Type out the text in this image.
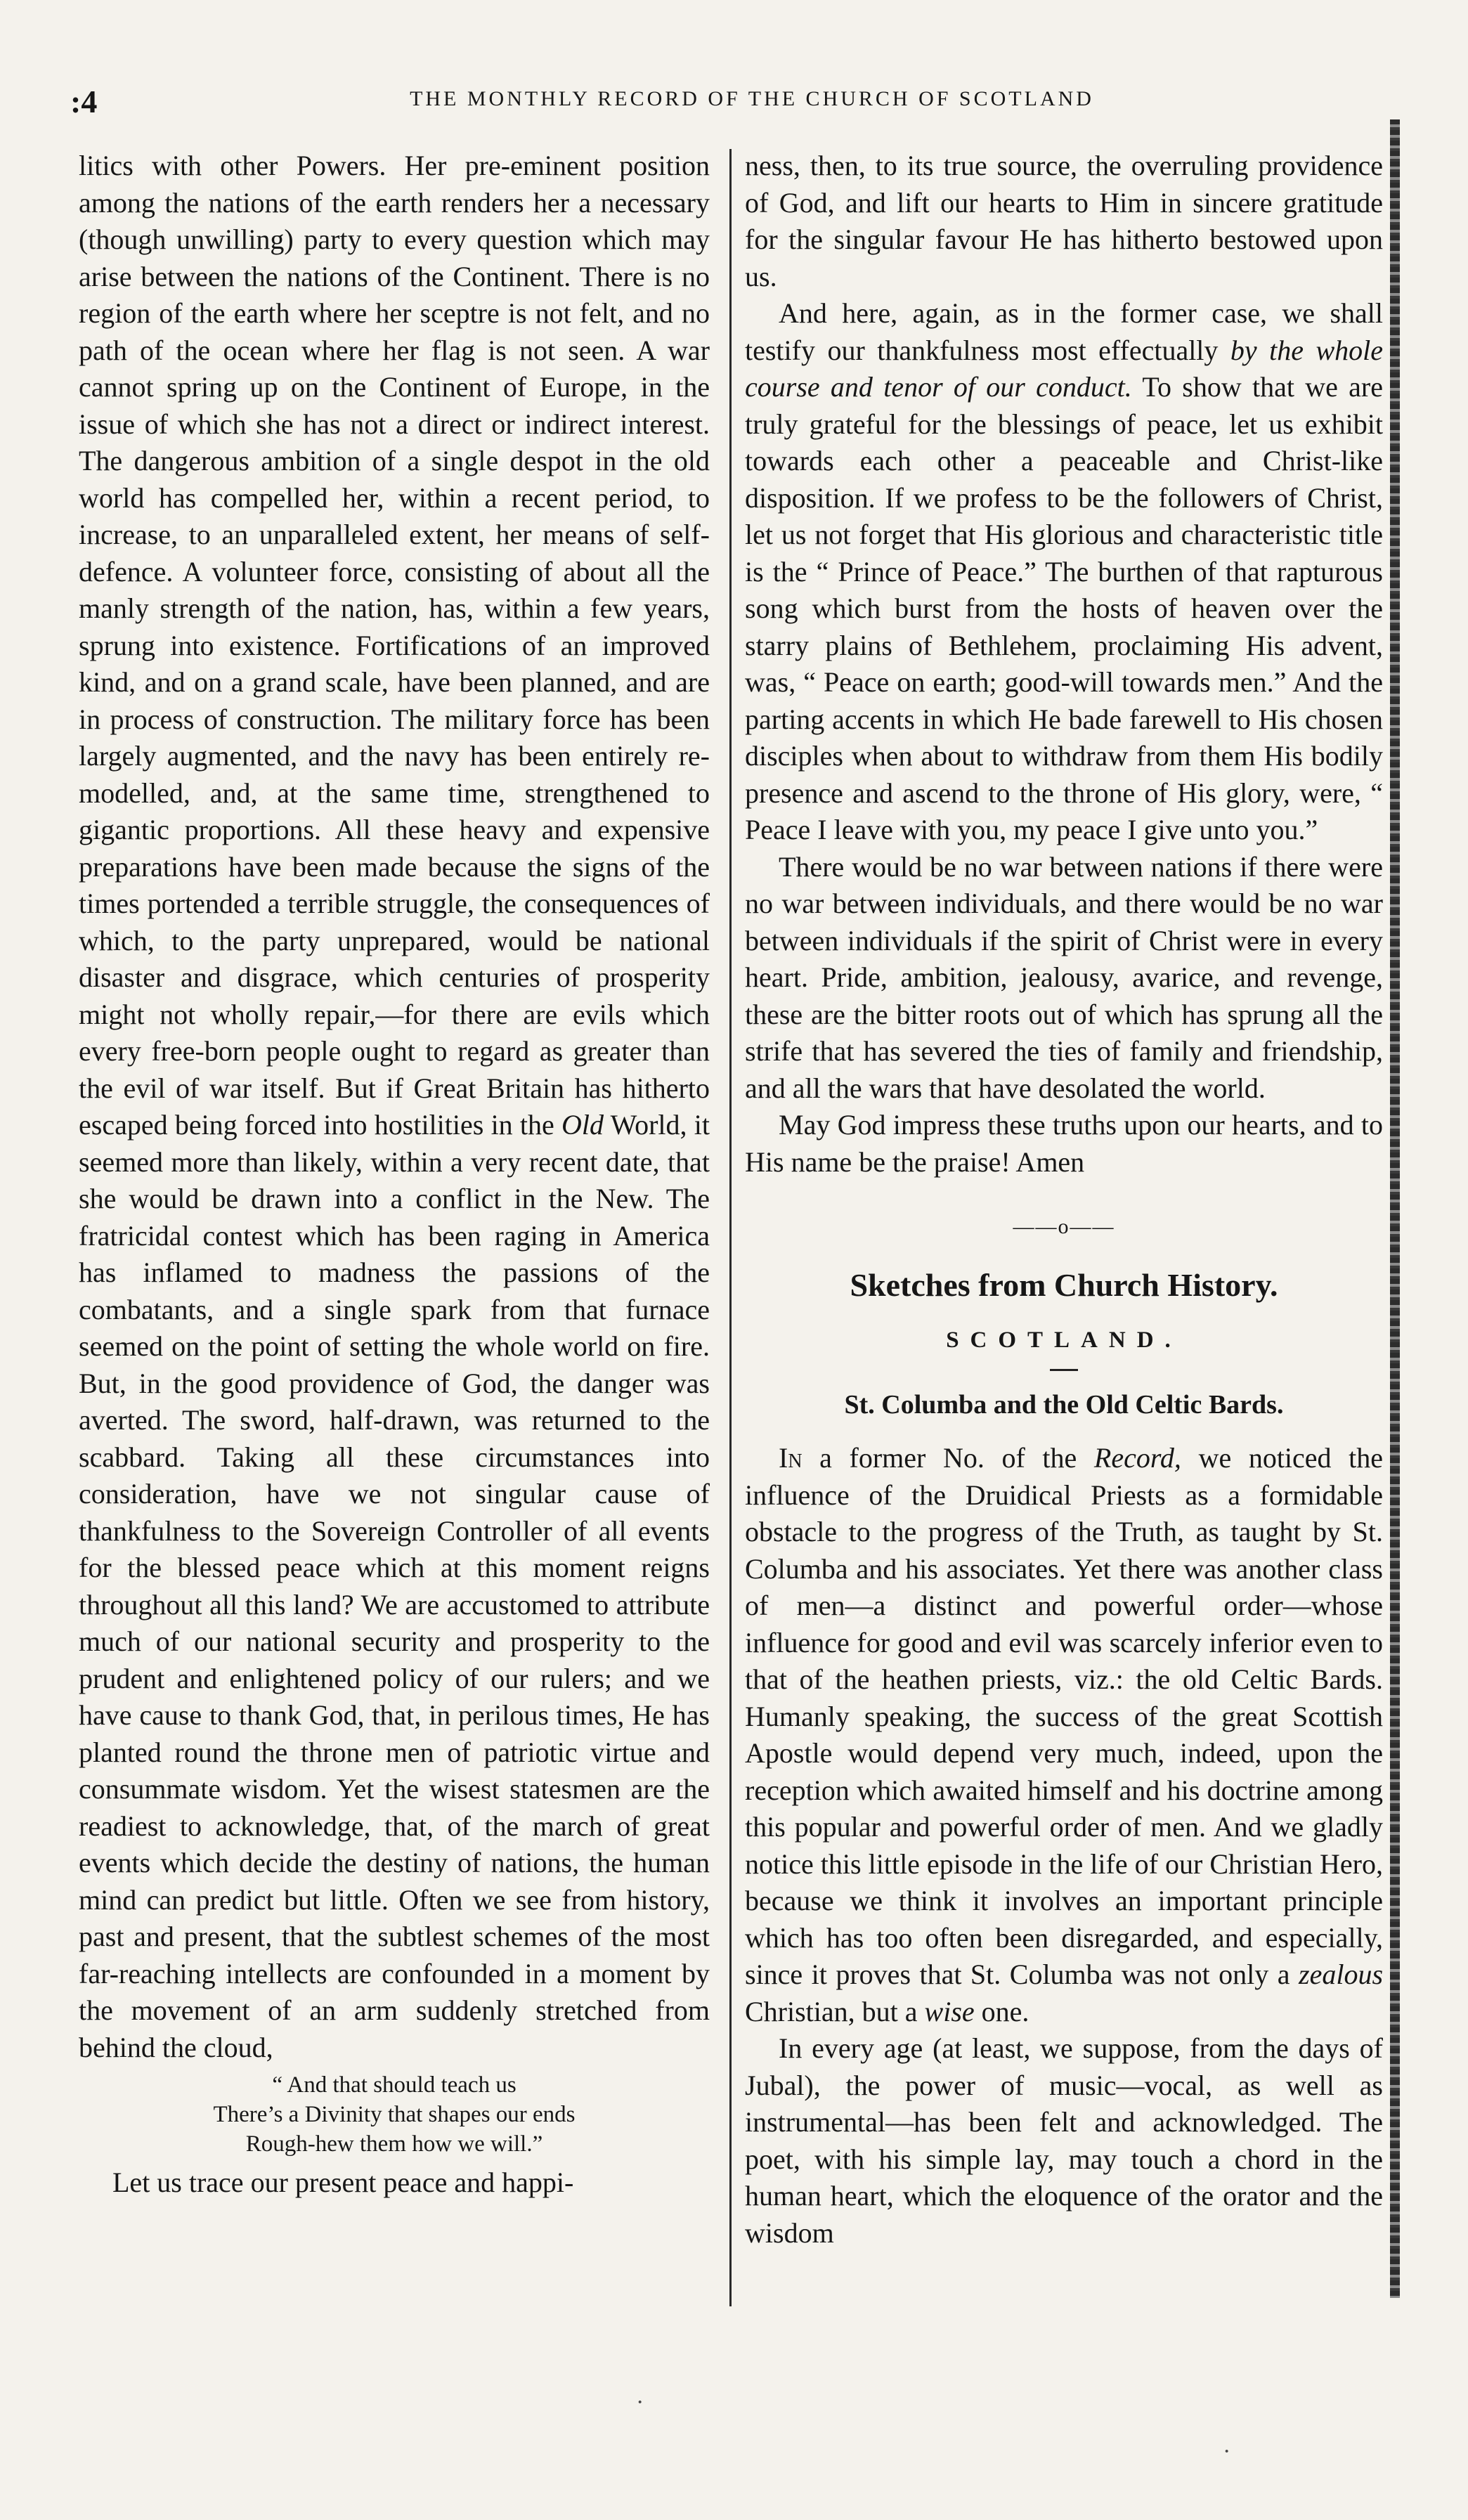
:4	THE MONTHLY RECORD OF THE CHURCH OF SCOTLAND

litics with other Powers. Her pre-eminent position among the nations of the earth renders her a necessary (though unwilling) party to every question which may arise between the nations of the Continent. There is no region of the earth where her sceptre is not felt, and no path of the ocean where her flag is not seen. A war cannot spring up on the Continent of Europe, in the issue of which she has not a direct or indirect interest. The dangerous ambition of a single despot in the old world has compelled her, within a recent period, to increase, to an unparalleled extent, her means of self-defence. A volunteer force, consisting of about all the manly strength of the nation, has, within a few years, sprung into existence. Fortifications of an improved kind, and on a grand scale, have been planned, and are in process of construction. The military force has been largely augmented, and the navy has been entirely re-modelled, and, at the same time, strengthened to gigantic proportions. All these heavy and expensive preparations have been made because the signs of the times portended a terrible struggle, the consequences of which, to the party unprepared, would be national disaster and disgrace, which centuries of prosperity might not wholly repair,—for there are evils which every free-born people ought to regard as greater than the evil of war itself. But if Great Britain has hitherto escaped being forced into hostilities in the Old World, it seemed more than likely, within a very recent date, that she would be drawn into a conflict in the New. The fratricidal contest which has been raging in America has inflamed to madness the passions of the combatants, and a single spark from that furnace seemed on the point of setting the whole world on fire. But, in the good providence of God, the danger was averted. The sword, half-drawn, was returned to the scabbard. Taking all these circumstances into consideration, have we not singular cause of thankfulness to the Sovereign Controller of all events for the blessed peace which at this moment reigns throughout all this land? We are accustomed to attribute much of our national security and prosperity to the prudent and enlightened policy of our rulers; and we have cause to thank God, that, in perilous times, He has planted round the throne men of patriotic virtue and consummate wisdom. Yet the wisest statesmen are the readiest to acknowledge, that, of the march of great events which decide the destiny of nations, the human mind can predict but little. Often we see from history, past and present, that the subtlest schemes of the most far-reaching intellects are confounded in a moment by the movement of an arm suddenly stretched from behind the cloud,

“ And that should teach us
There’s a Divinity that shapes our ends
Rough-hew them how we will.”

Let us trace our present peace and happi-

ness, then, to its true source, the overruling providence of God, and lift our hearts to Him in sincere gratitude for the singular favour He has hitherto bestowed upon us.

And here, again, as in the former case, we shall testify our thankfulness most effectually by the whole course and tenor of our conduct. To show that we are truly grateful for the blessings of peace, let us exhibit towards each other a peaceable and Christ-like disposition. If we profess to be the followers of Christ, let us not forget that His glorious and characteristic title is the “ Prince of Peace.” The burthen of that rapturous song which burst from the hosts of heaven over the starry plains of Bethlehem, proclaiming His advent, was, “ Peace on earth; good-will towards men.” And the parting accents in which He bade farewell to His chosen disciples when about to withdraw from them His bodily presence and ascend to the throne of His glory, were, “ Peace I leave with you, my peace I give unto you.”

There would be no war between nations if there were no war between individuals, and there would be no war between individuals if the spirit of Christ were in every heart. Pride, ambition, jealousy, avarice, and revenge, these are the bitter roots out of which has sprung all the strife that has severed the ties of family and friendship, and all the wars that have desolated the world.

May God impress these truths upon our hearts, and to His name be the praise! Amen

——o——

Sketches from Church History.

SCOTLAND.

St. Columba and the Old Celtic Bards.

In a former No. of the Record, we noticed the influence of the Druidical Priests as a formidable obstacle to the progress of the Truth, as taught by St. Columba and his associates. Yet there was another class of men—a distinct and powerful order—whose influence for good and evil was scarcely inferior even to that of the heathen priests, viz.: the old Celtic Bards. Humanly speaking, the success of the great Scottish Apostle would depend very much, indeed, upon the reception which awaited himself and his doctrine among this popular and powerful order of men. And we gladly notice this little episode in the life of our Christian Hero, because we think it involves an important principle which has too often been disregarded, and especially, since it proves that St. Columba was not only a zealous Christian, but a wise one.

In every age (at least, we suppose, from the days of Jubal), the power of music—vocal, as well as instrumental—has been felt and acknowledged. The poet, with his simple lay, may touch a chord in the human heart, which the eloquence of the orator and the wisdom

·
·
